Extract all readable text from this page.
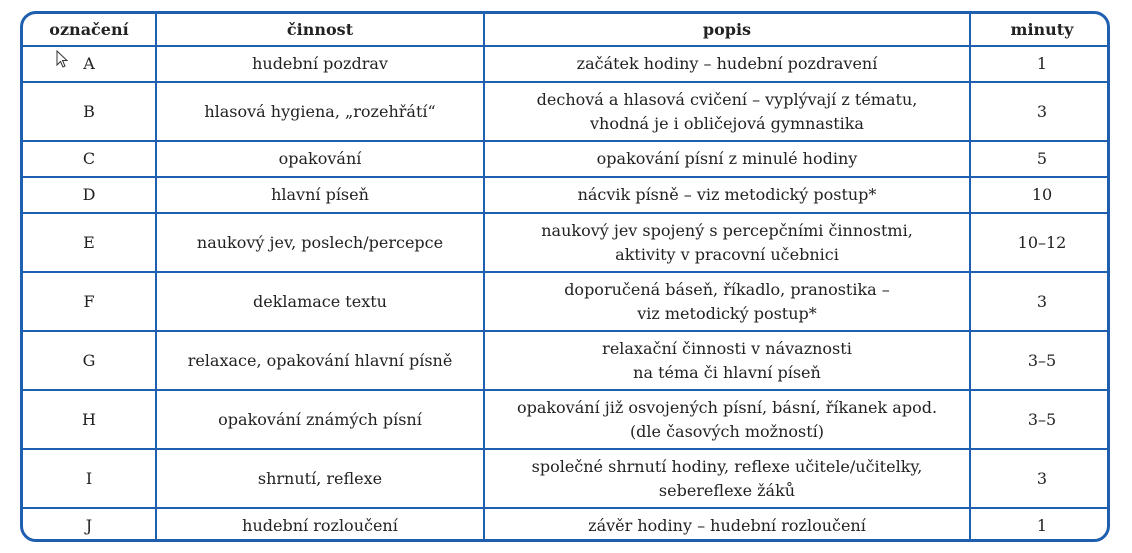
označení	činnost	popis	minuty
A	hudební pozdrav	začátek hodiny – hudební pozdravení	1
B	hlasová hygiena, „rozehřátí“	dechová a hlasová cvičení – vyplývají z tématu,
vhodná je i obličejová gymnastika	3
C	opakování	opakování písní z minulé hodiny	5
D	hlavní píseň	nácvik písně – viz metodický postup*	10
E	naukový jev, poslech/percepce	naukový jev spojený s percepčními činnostmi,
aktivity v pracovní učebnici	10–12
F	deklamace textu	doporučená báseň, říkadlo, pranostika –
viz metodický postup*	3
G	relaxace, opakování hlavní písně	relaxační činnosti v návaznosti
na téma či hlavní píseň	3–5
H	opakování známých písní	opakování již osvojených písní, básní, říkanek apod.
(dle časových možností)	3–5
I	shrnutí, reflexe	společné shrnutí hodiny, reflexe učitele/učitelky,
sebereflexe žáků	3
J	hudební rozloučení	závěr hodiny – hudební rozloučení	1
